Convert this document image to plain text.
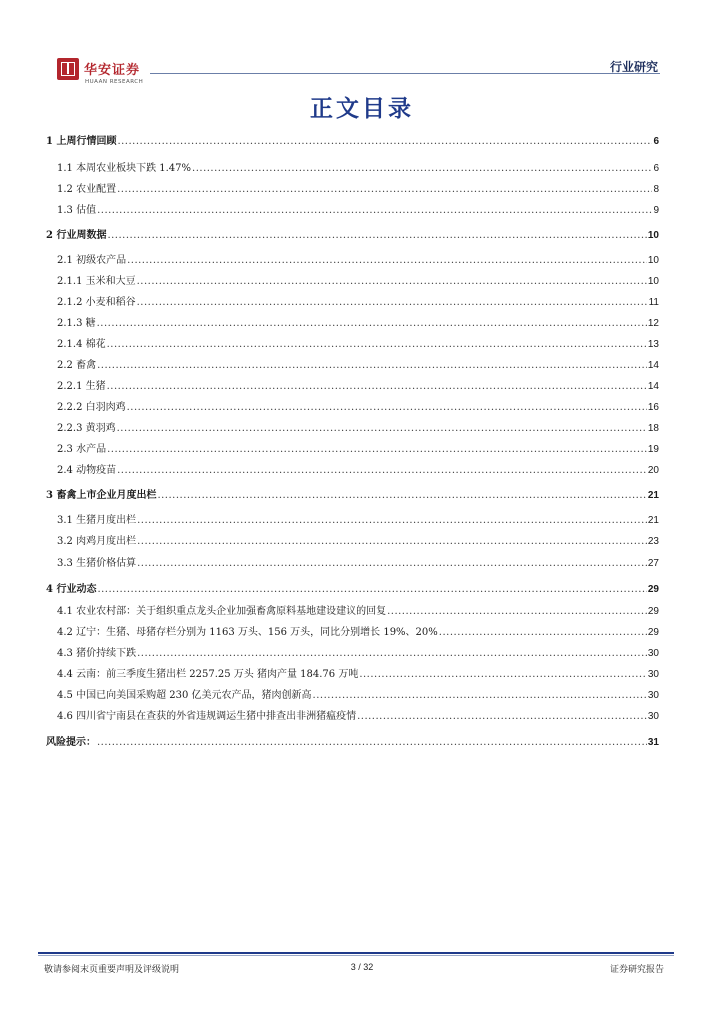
华安证券
HUAAN RESEARCH
行业研究
正文目录
1 上周行情回顾 .....	6
1.1 本周农业板块下跌 1.47% .....	6
1.2 农业配置 .....	8
1.3 估值 .....	9
2 行业周数据 .....	10
2.1 初级农产品 .....	10
2.1.1 玉米和大豆 .....	10
2.1.2 小麦和稻谷 .....	11
2.1.3 糖 .....	12
2.1.4 棉花 .....	13
2.2 畜禽 .....	14
2.2.1 生猪 .....	14
2.2.2 白羽肉鸡 .....	16
2.2.3 黄羽鸡 .....	18
2.3 水产品 .....	19
2.4 动物疫苗 .....	20
3 畜禽上市企业月度出栏 .....	21
3.1 生猪月度出栏 .....	21
3.2 肉鸡月度出栏 .....	23
3.3 生猪价格估算 .....	27
4 行业动态 .....	29
4.1 农业农村部：关于组织重点龙头企业加强畜禽原料基地建设建议的回复 .....	29
4.2 辽宁：生猪、母猪存栏分别为 1163 万头、156 万头，同比分别增长 19%、20% .....	29
4.3 猪价持续下跌 .....	30
4.4 云南：前三季度生猪出栏 2257.25 万头 猪肉产量 184.76 万吨 .....	30
4.5 中国已向美国采购超 230 亿美元农产品，猪肉创新高 .....	30
4.6 四川省宁南县在查获的外省违规调运生猪中排查出非洲猪瘟疫情 .....	30
风险提示： .....	31
敬请参阅末页重要声明及评级说明	3 / 32	证券研究报告
